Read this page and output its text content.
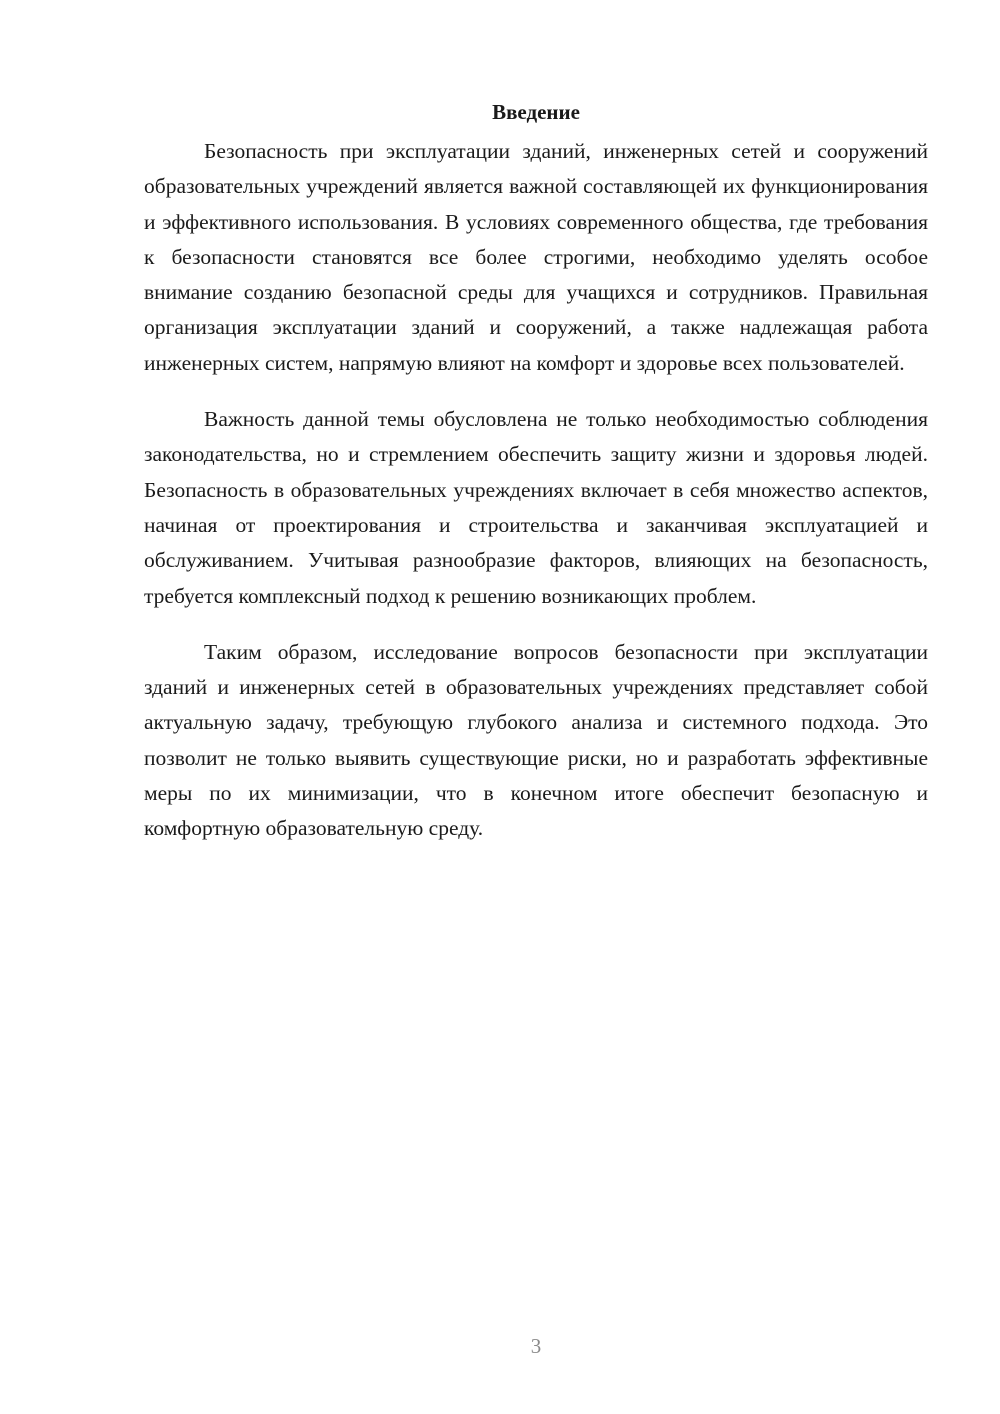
Введение

Безопасность при эксплуатации зданий, инженерных сетей и сооружений образовательных учреждений является важной составляющей их функционирования и эффективного использования. В условиях современного общества, где требования к безопасности становятся все более строгими, необходимо уделять особое внимание созданию безопасной среды для учащихся и сотрудников. Правильная организация эксплуатации зданий и сооружений, а также надлежащая работа инженерных систем, напрямую влияют на комфорт и здоровье всех пользователей.

Важность данной темы обусловлена не только необходимостью соблюдения законодательства, но и стремлением обеспечить защиту жизни и здоровья людей. Безопасность в образовательных учреждениях включает в себя множество аспектов, начиная от проектирования и строительства и заканчивая эксплуатацией и обслуживанием. Учитывая разнообразие факторов, влияющих на безопасность, требуется комплексный подход к решению возникающих проблем.

Таким образом, исследование вопросов безопасности при эксплуатации зданий и инженерных сетей в образовательных учреждениях представляет собой актуальную задачу, требующую глубокого анализа и системного подхода. Это позволит не только выявить существующие риски, но и разработать эффективные меры по их минимизации, что в конечном итоге обеспечит безопасную и комфортную образовательную среду.

3
